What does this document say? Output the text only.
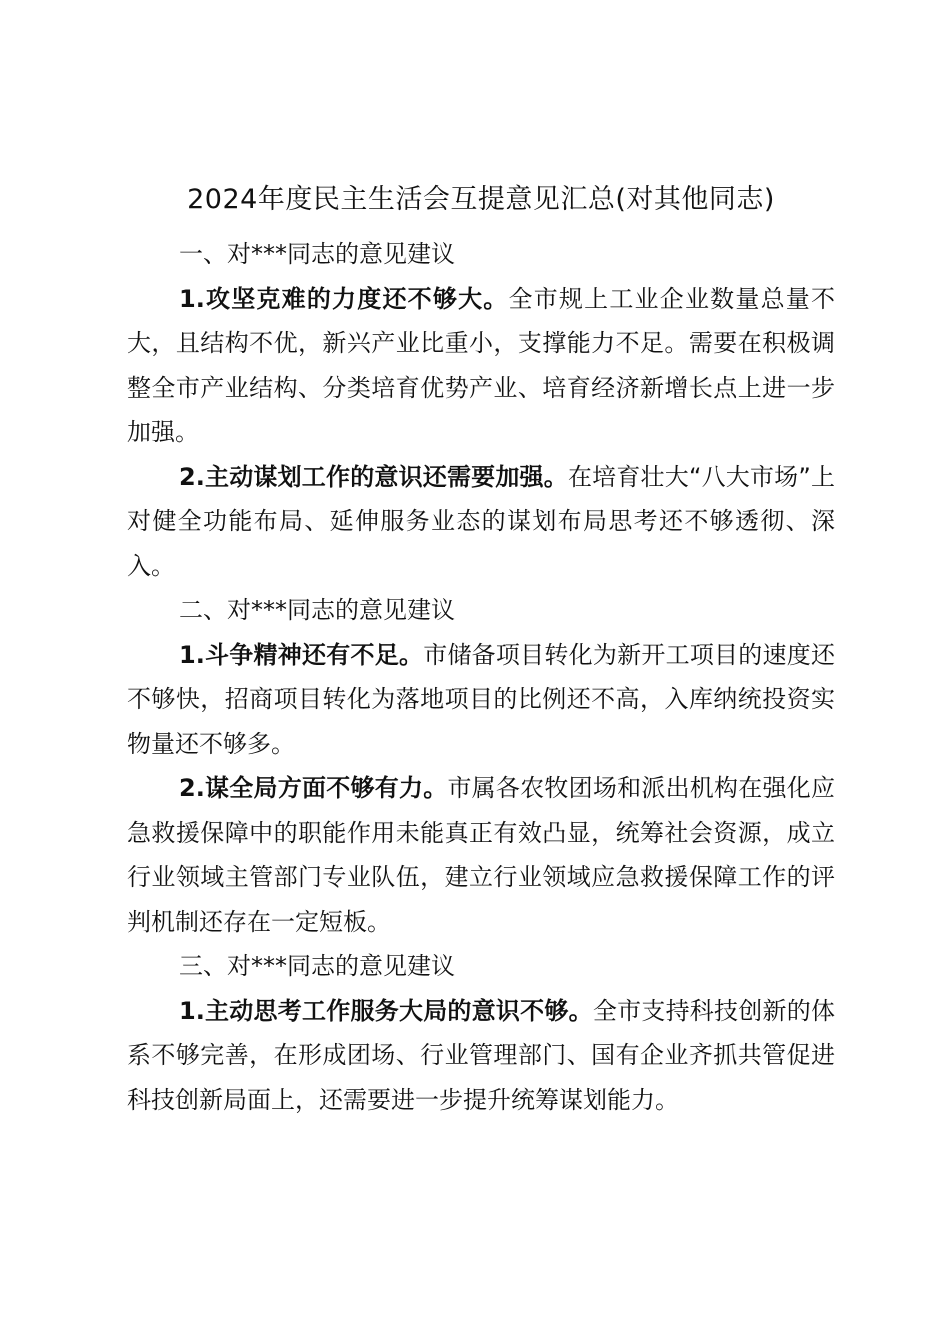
2024年度民主生活会互提意见汇总(对其他同志)

一、对***同志的意见建议

1.攻坚克难的力度还不够大。全市规上工业企业数量总量不大，且结构不优，新兴产业比重小，支撑能力不足。需要在积极调整全市产业结构、分类培育优势产业、培育经济新增长点上进一步加强。

2.主动谋划工作的意识还需要加强。在培育壮大“八大市场”上对健全功能布局、延伸服务业态的谋划布局思考还不够透彻、深入。

二、对***同志的意见建议

1.斗争精神还有不足。市储备项目转化为新开工项目的速度还不够快，招商项目转化为落地项目的比例还不高，入库纳统投资实物量还不够多。

2.谋全局方面不够有力。市属各农牧团场和派出机构在强化应急救援保障中的职能作用未能真正有效凸显，统筹社会资源，成立行业领域主管部门专业队伍，建立行业领域应急救援保障工作的评判机制还存在一定短板。

三、对***同志的意见建议

1.主动思考工作服务大局的意识不够。全市支持科技创新的体系不够完善，在形成团场、行业管理部门、国有企业齐抓共管促进科技创新局面上，还需要进一步提升统筹谋划能力。
